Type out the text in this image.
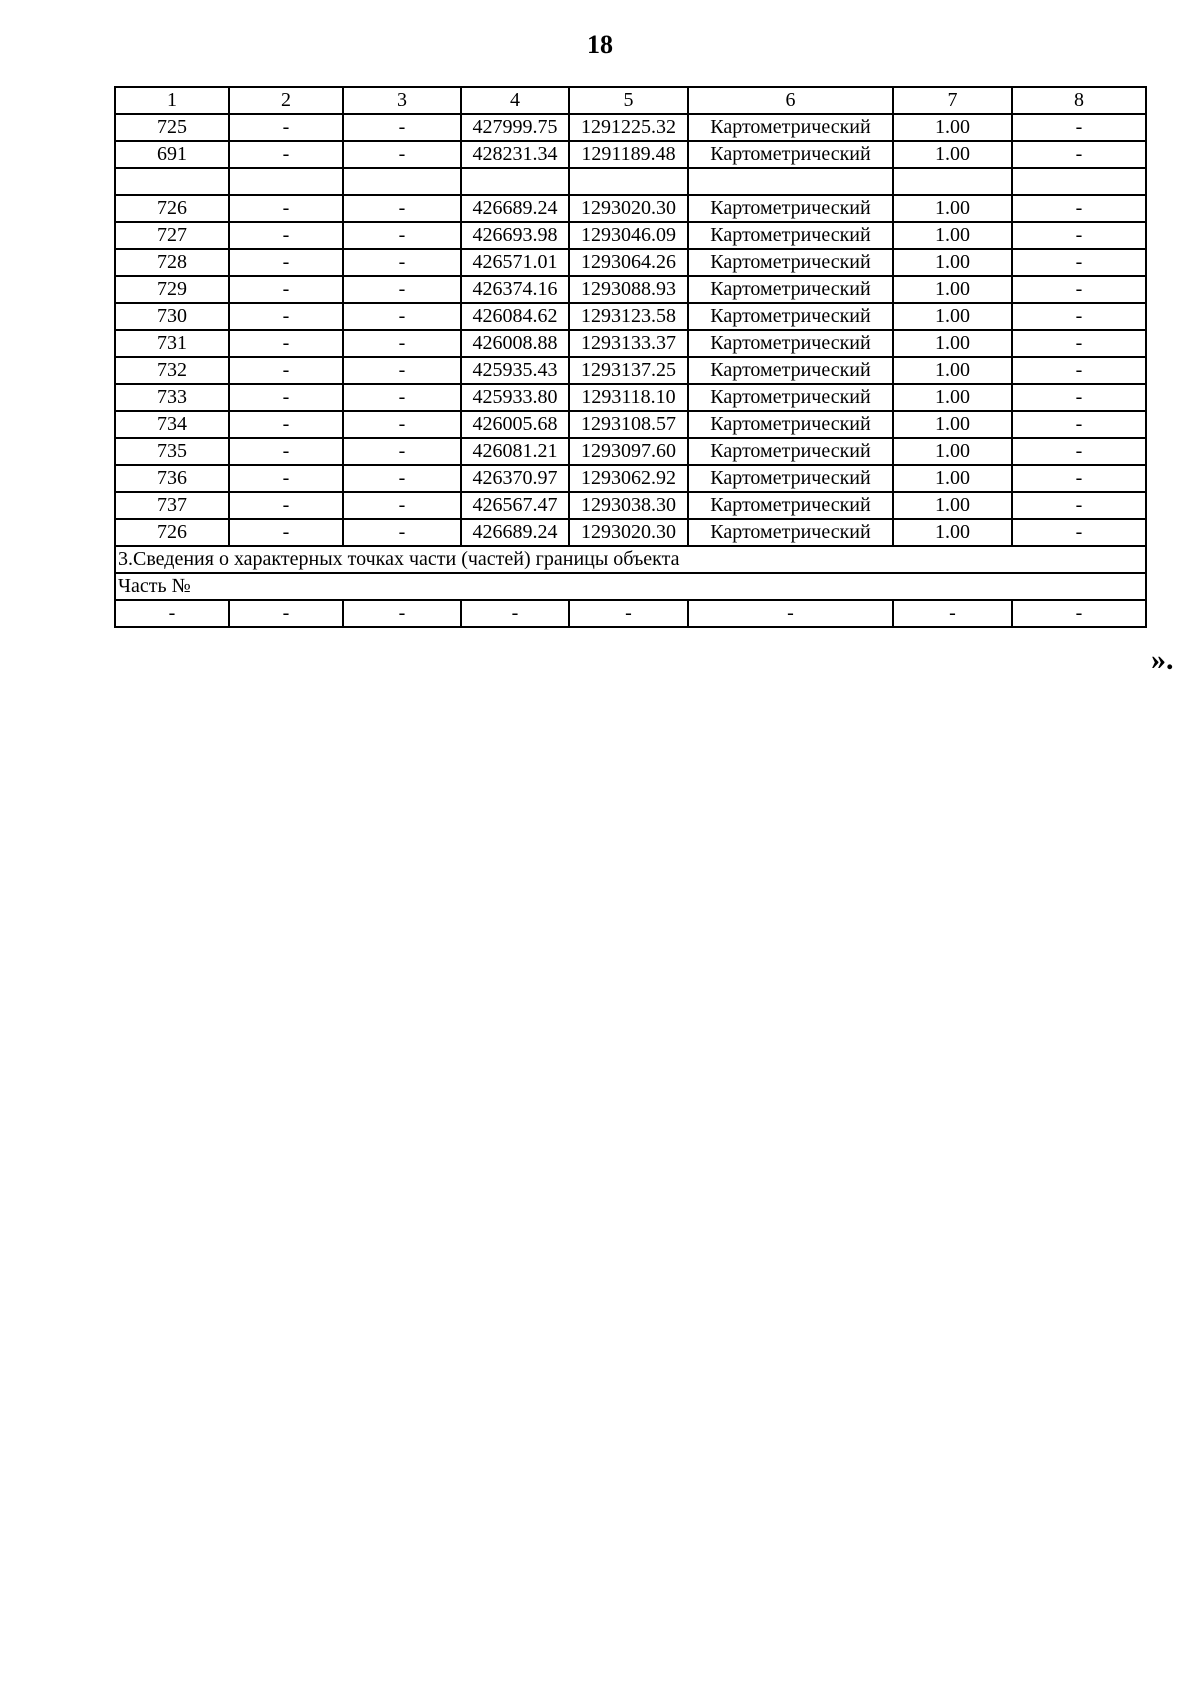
18
1	2	3	4	5	6	7	8
725	-	-	427999.75	1291225.32	Картометрический	1.00	-
691	-	-	428231.34	1291189.48	Картометрический	1.00	-

726	-	-	426689.24	1293020.30	Картометрический	1.00	-
727	-	-	426693.98	1293046.09	Картометрический	1.00	-
728	-	-	426571.01	1293064.26	Картометрический	1.00	-
729	-	-	426374.16	1293088.93	Картометрический	1.00	-
730	-	-	426084.62	1293123.58	Картометрический	1.00	-
731	-	-	426008.88	1293133.37	Картометрический	1.00	-
732	-	-	425935.43	1293137.25	Картометрический	1.00	-
733	-	-	425933.80	1293118.10	Картометрический	1.00	-
734	-	-	426005.68	1293108.57	Картометрический	1.00	-
735	-	-	426081.21	1293097.60	Картометрический	1.00	-
736	-	-	426370.97	1293062.92	Картометрический	1.00	-
737	-	-	426567.47	1293038.30	Картометрический	1.00	-
726	-	-	426689.24	1293020.30	Картометрический	1.00	-
3.Сведения о характерных точках части (частей) границы объекта							
Часть №							
-	-	-	-	-	-	-	-
».
